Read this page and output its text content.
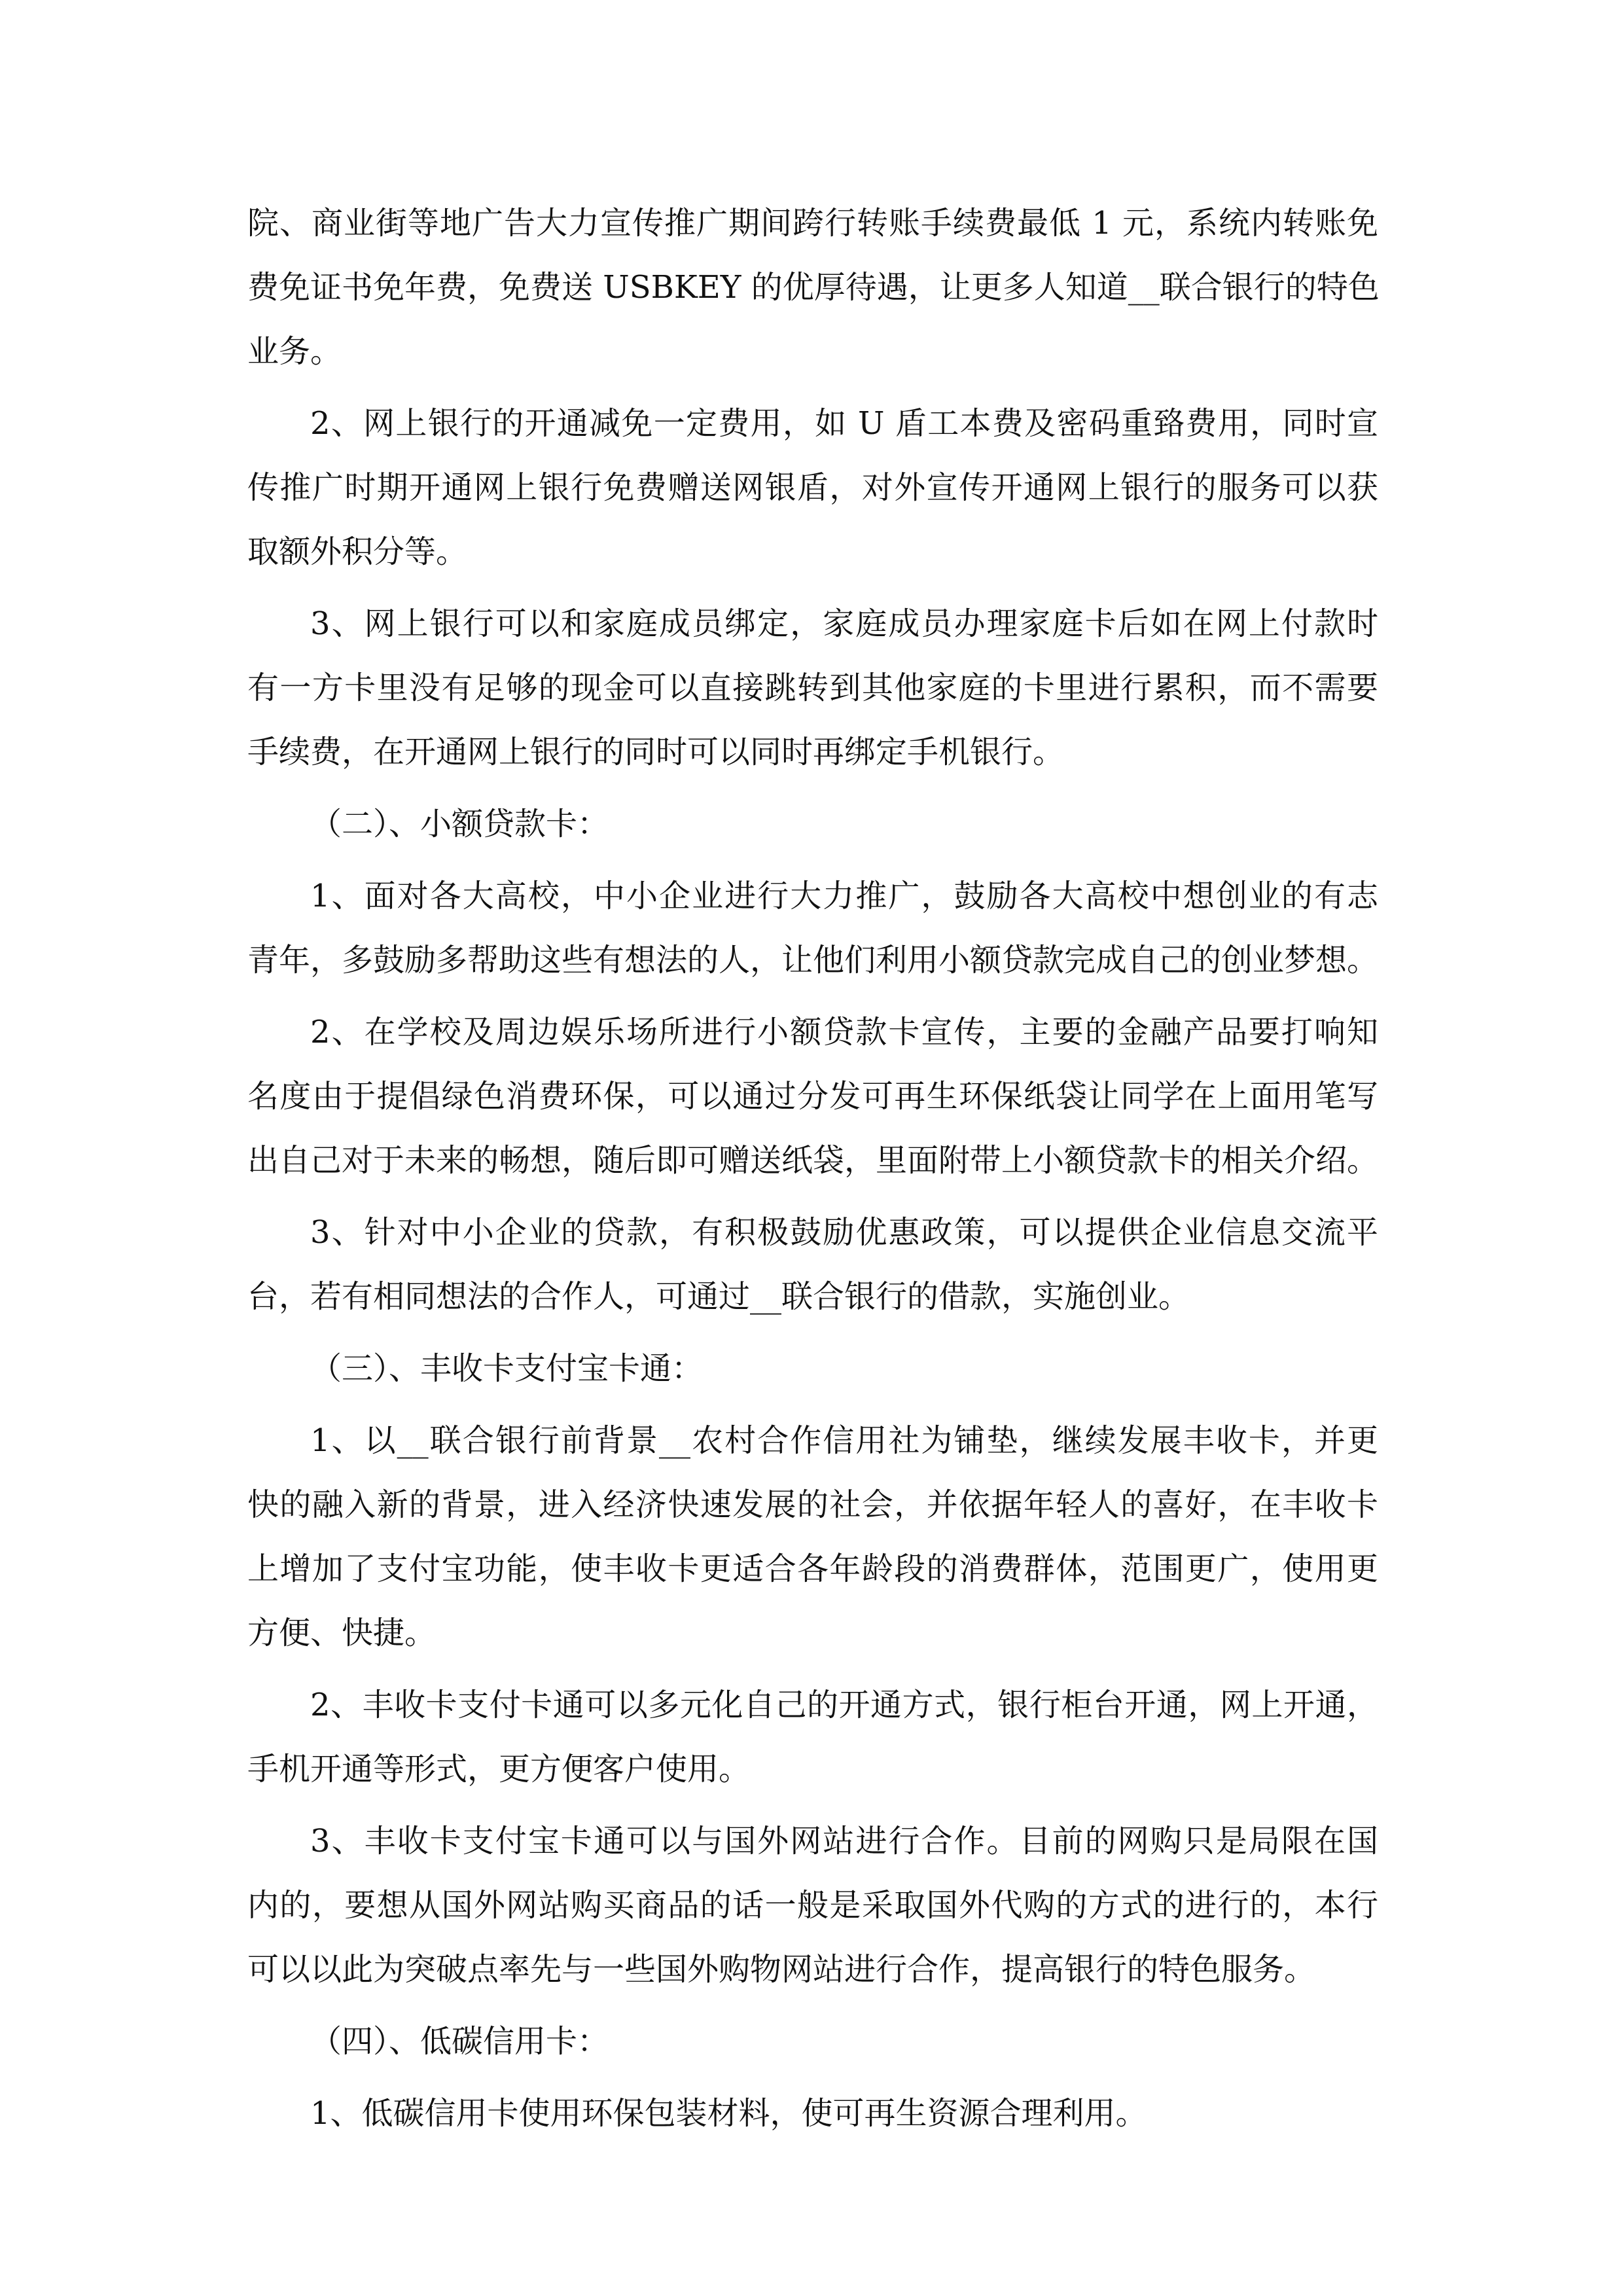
院、商业街等地广告大力宣传推广期间跨行转账手续费最低 1 元，系统内转账免
费免证书免年费，免费送 USBKEY 的优厚待遇，让更多人知道__联合银行的特色
业务。

2、网上银行的开通减免一定费用，如 U 盾工本费及密码重臵费用，同时宣
传推广时期开通网上银行免费赠送网银盾，对外宣传开通网上银行的服务可以获
取额外积分等。

3、网上银行可以和家庭成员绑定，家庭成员办理家庭卡后如在网上付款时
有一方卡里没有足够的现金可以直接跳转到其他家庭的卡里进行累积，而不需要
手续费，在开通网上银行的同时可以同时再绑定手机银行。

（二）、小额贷款卡：

1、面对各大高校，中小企业进行大力推广，鼓励各大高校中想创业的有志
青年，多鼓励多帮助这些有想法的人，让他们利用小额贷款完成自己的创业梦想。

2、在学校及周边娱乐场所进行小额贷款卡宣传，主要的金融产品要打响知
名度由于提倡绿色消费环保，可以通过分发可再生环保纸袋让同学在上面用笔写
出自己对于未来的畅想，随后即可赠送纸袋，里面附带上小额贷款卡的相关介绍。

3、针对中小企业的贷款，有积极鼓励优惠政策，可以提供企业信息交流平
台，若有相同想法的合作人，可通过__联合银行的借款，实施创业。

（三）、丰收卡支付宝卡通：

1、以__联合银行前背景__农村合作信用社为铺垫，继续发展丰收卡，并更
快的融入新的背景，进入经济快速发展的社会，并依据年轻人的喜好，在丰收卡
上增加了支付宝功能，使丰收卡更适合各年龄段的消费群体，范围更广，使用更
方便、快捷。

2、丰收卡支付卡通可以多元化自己的开通方式，银行柜台开通，网上开通，
手机开通等形式，更方便客户使用。

3、丰收卡支付宝卡通可以与国外网站进行合作。目前的网购只是局限在国
内的，要想从国外网站购买商品的话一般是采取国外代购的方式的进行的，本行
可以以此为突破点率先与一些国外购物网站进行合作，提高银行的特色服务。

（四）、低碳信用卡：

1、低碳信用卡使用环保包装材料，使可再生资源合理利用。
